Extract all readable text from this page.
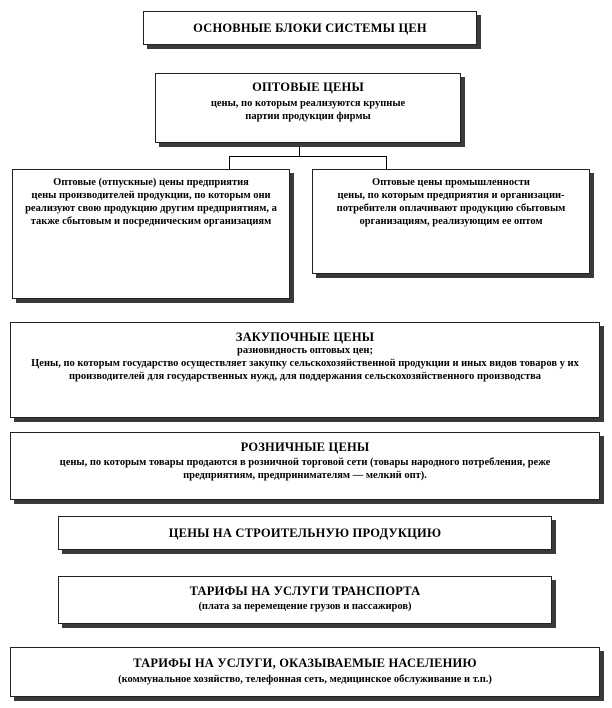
ОСНОВНЫЕ БЛОКИ СИСТЕМЫ ЦЕН
ОПТОВЫЕ ЦЕНЫ
цены, по которым реализуются крупные партии продукции фирмы
Оптовые (отпускные) цены предприятия
цены производителей продукции, по которым они реализуют свою продукцию другим предприятиям, а также сбытовым и посредническим организациям
Оптовые цены промышленности
цены, по которым предприятия и организации-потребители оплачивают продукцию сбытовым организациям, реализующим ее оптом
ЗАКУПОЧНЫЕ ЦЕНЫ
разновидность оптовых цен;
Цены, по которым государство осуществляет закупку сельскохозяйственной продукции и иных видов товаров у их производителей для государственных нужд, для поддержания сельскохозяйственного производства
РОЗНИЧНЫЕ ЦЕНЫ
цены, по которым товары продаются в розничной торговой сети (товары народного потребления, реже предприятиям, предпринимателям — мелкий опт).
ЦЕНЫ НА СТРОИТЕЛЬНУЮ ПРОДУКЦИЮ
ТАРИФЫ НА УСЛУГИ ТРАНСПОРТА
(плата за перемещение грузов и пассажиров)
ТАРИФЫ НА УСЛУГИ, ОКАЗЫВАЕМЫЕ НАСЕЛЕНИЮ
(коммунальное хозяйство, телефонная сеть, медицинское обслуживание и т.п.)
